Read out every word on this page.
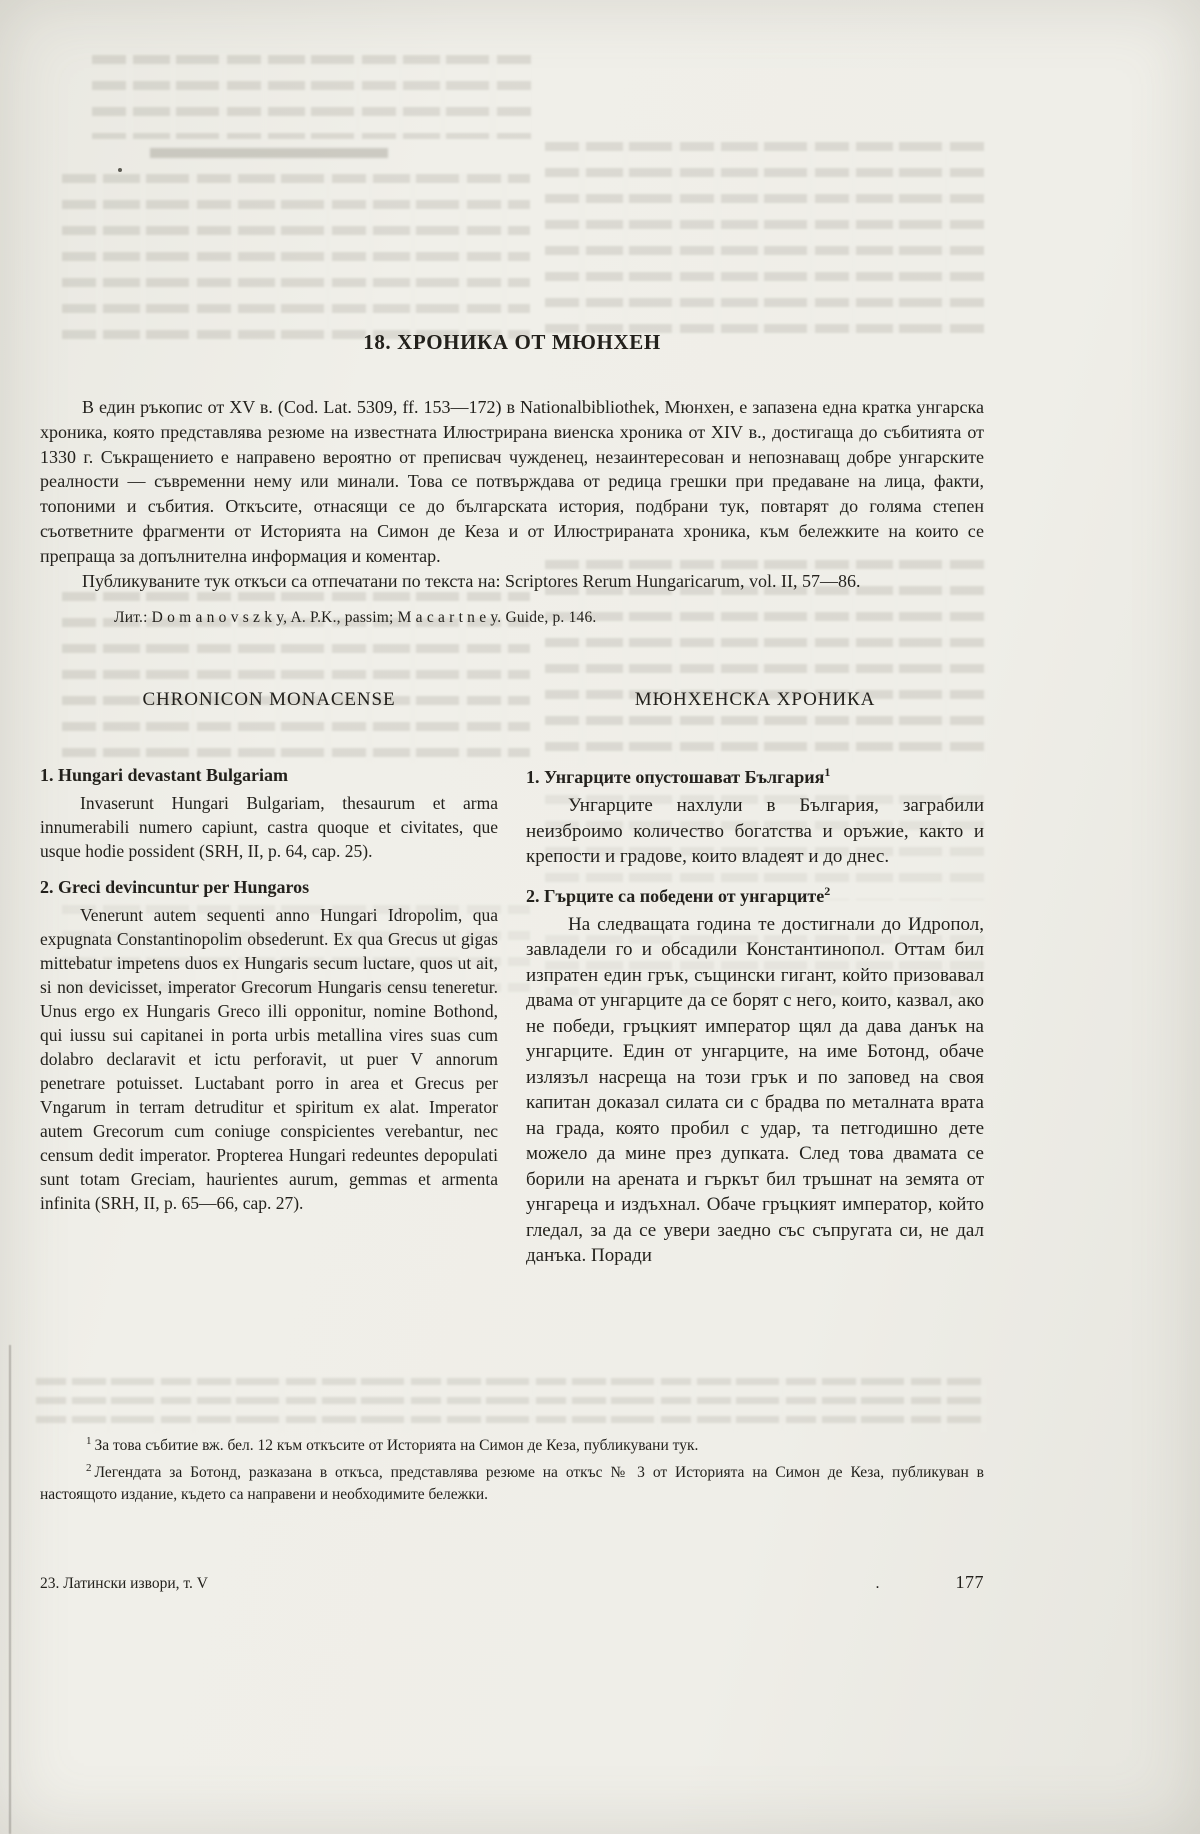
18. ХРОНИКА ОТ МЮНХЕН

В един ръкопис от XV в. (Cod. Lat. 5309, ff. 153—172) в Nationalbibliothek, Мюнхен, е запазена една кратка унгарска хроника, която представлява резюме на известната Илюстрирана виенска хроника от XIV в., достигаща до събитията от 1330 г. Съкращението е направено вероятно от преписвач чужденец, незаинтересован и непознаващ добре унгарските реалности — съвременни нему или минали. Това се потвърждава от редица грешки при предаване на лица, факти, топоними и събития. Откъсите, отнасящи се до българската история, подбрани тук, повтарят до голяма степен съответните фрагменти от Историята на Симон де Кеза и от Илюстрираната хроника, към бележките на които се препраща за допълнителна информация и коментар.

Публикуваните тук откъси са отпечатани по текста на: Scriptores Rerum Hungaricarum, vol. II, 57—86.

Лит.: D o m a n o v s z k y, A. P.K., passim; M a c a r t n e y. Guide, p. 146.

CHRONICON MONACENSE
1. Hungari devastant Bulgariam

Invaserunt Hungari Bulgariam, thesaurum et arma innumerabili numero capiunt, castra quoque et civitates, que usque hodie possident (SRH, II, p. 64, cap. 25).

2. Greci devincuntur per Hungaros

Venerunt autem sequenti anno Hungari Idropolim, qua expugnata Constantinopolim obsederunt. Ex qua Grecus ut gigas mittebatur impetens duos ex Hungaris secum luctare, quos ut ait, si non devicisset, imperator Grecorum Hungaris censu teneretur. Unus ergo ex Hungaris Greco illi opponitur, nomine Bothond, qui iussu sui capitanei in porta urbis metallina vires suas cum dolabro declaravit et ictu perforavit, ut puer V annorum penetrare potuisset. Luctabant porro in area et Grecus per Vngarum in terram detruditur et spiritum ex alat. Imperator autem Grecorum cum coniuge conspicientes verebantur, nec censum dedit imperator. Propterea Hungari redeuntes depopulati sunt totam Greciam, haurientes aurum, gemmas et armenta infinita (SRH, II, p. 65—66, cap. 27).

МЮНХЕНСКА ХРОНИКА
1. Унгарците опустошават България$^1$

Унгарците нахлули в България, заграбили неизброимо количество богатства и оръжие, както и крепости и градове, които владеят и до днес.

2. Гърците са победени от унгарците$^2$

На следващата година те достигнали до Идропол, завладели го и обсадили Константинопол. Оттам бил изпратен един грък, същински гигант, който призовавал двама от унгарците да се борят с него, които, казвал, ако не победи, гръцкият император щял да дава данък на унгарците. Един от унгарците, на име Ботонд, обаче излязъл насреща на този грък и по заповед на своя капитан доказал силата си с брадва по металната врата на града, която пробил с удар, та петгодишно дете можело да мине през дупката. След това двамата се борили на арената и гъркът бил тръшнат на земята от унгареца и издъхнал. Обаче гръцкият император, който гледал, за да се увери заедно със съпругата си, не дал данъка. Поради

$^1$ За това събитие вж. бел. 12 към откъсите от Историята на Симон де Кеза, публикувани тук.

$^2$ Легендата за Ботонд, разказана в откъса, представлява резюме на откъс № 3 от Историята на Симон де Кеза, публикуван в настоящото издание, където са направени и необходимите бележки.

23. Латински извори, т. V	.	177
